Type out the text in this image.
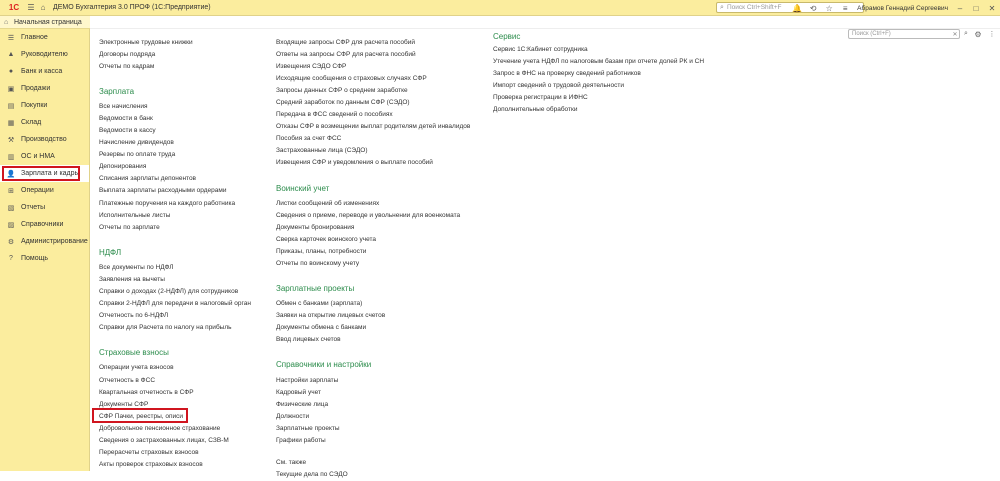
1С	☰ ⌂	ДЕМО Бухгалтерия 3.0 ПРОФ (1С:Предприятие)	⌕ Поиск Ctrl+Shift+F 🔔 ⟲	☆	≡	Абрамов Геннадий Сергеевич	–	□	✕
⌂ Начальная страница
☰ Главное
▲ Руководителю
●	Банк и касса
▣ Продажи
▤ Покупки
▦ Склад
⚒ Производство
▥ ОС и НМА
👤 Зарплата и кадры
⊞ Операции
▧ Отчеты
▨ Справочники
⚙ Администрирование
?	Помощь
Поиск (Ctrl+F)	✕ ⌕ ⚙ ⋮
Электронные трудовые книжки
Договоры подряда
Отчеты по кадрам
Зарплата
Все начисления
Ведомости в банк
Ведомости в кассу
Начисление дивидендов
Резервы по оплате труда
Депонирования
Списания зарплаты депонентов
Выплата зарплаты расходными ордерами
Платежные поручения на каждого работника
Исполнительные листы
Отчеты по зарплате
НДФЛ
Все документы по НДФЛ
Заявления на вычеты
Справки о доходах (2-НДФЛ) для сотрудников
Справки 2-НДФЛ для передачи в налоговый орган
Отчетность по 6-НДФЛ
Справки для Расчета по налогу на прибыль
Страховые взносы
Операции учета взносов
Отчетность в ФСС
Квартальная отчетность в СФР
Документы СФР
СФР Пачки, реестры, описи
Добровольное пенсионное страхование
Сведения о застрахованных лицах, СЗВ-М
Перерасчеты страховых взносов
Акты проверок страховых взносов
Входящие запросы СФР для расчета пособий
Ответы на запросы СФР для расчета пособий
Извещения СЭДО СФР
Исходящие сообщения о страховых случаях СФР
Запросы данных СФР о среднем заработке
Средний заработок по данным СФР (СЭДО)
Передача в ФСС сведений о пособиях
Отказы СФР в возмещении выплат родителям детей инвалидов
Пособия за счет ФСС
Застрахованные лица (СЭДО)
Извещения СФР и уведомления о выплате пособий
Воинский учет
Листки сообщений об изменениях
Сведения о приеме, переводе и увольнении для военкомата
Документы бронирования
Сверка карточек воинского учета
Приказы, планы, потребности
Отчеты по воинскому учету
Зарплатные проекты
Обмен с банками (зарплата)
Заявки на открытие лицевых счетов
Документы обмена с банками
Ввод лицевых счетов
Справочники и настройки
Настройки зарплаты
Кадровый учет
Физические лица
Должности
Зарплатные проекты
Графики работы
См. также
Текущие дела по СЭДО
Сервис
Сервис 1С:Кабинет сотрудника
Утечение учета НДФЛ по налоговым базам при отчете долей РК и СН
Запрос в ФНС на проверку сведений работников
Импорт сведений о трудовой деятельности
Проверка регистрации в ИФНС
Дополнительные обработки
